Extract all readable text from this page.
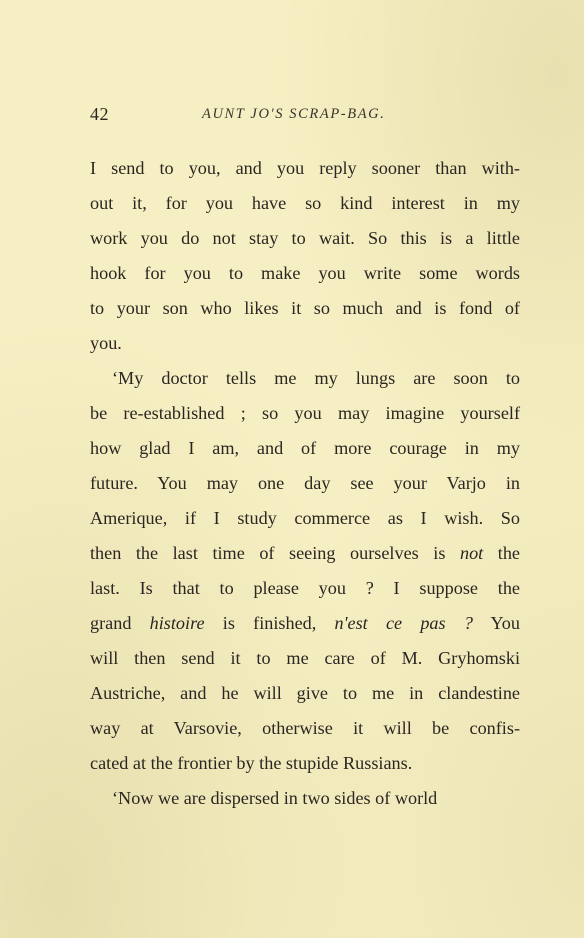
42	AUNT JO'S SCRAP-BAG.
I send to you, and you reply sooner than with-
out it, for you have so kind interest in my
work you do not stay to wait. So this is a little
hook for you to make you write some words
to your son who likes it so much and is fond of
you.
‘My doctor tells me my lungs are soon to
be re-established ; so you may imagine yourself
how glad I am, and of more courage in my
future. You may one day see your Varjo in
Amerique, if I study commerce as I wish. So
then the last time of seeing ourselves is not the
last. Is that to please you ? I suppose the
grand histoire is finished, n'est ce pas ? You
will then send it to me care of M. Gryhomski
Austriche, and he will give to me in clandestine
way at Varsovie, otherwise it will be confis-
cated at the frontier by the stupide Russians.
‘Now we are dispersed in two sides of world
